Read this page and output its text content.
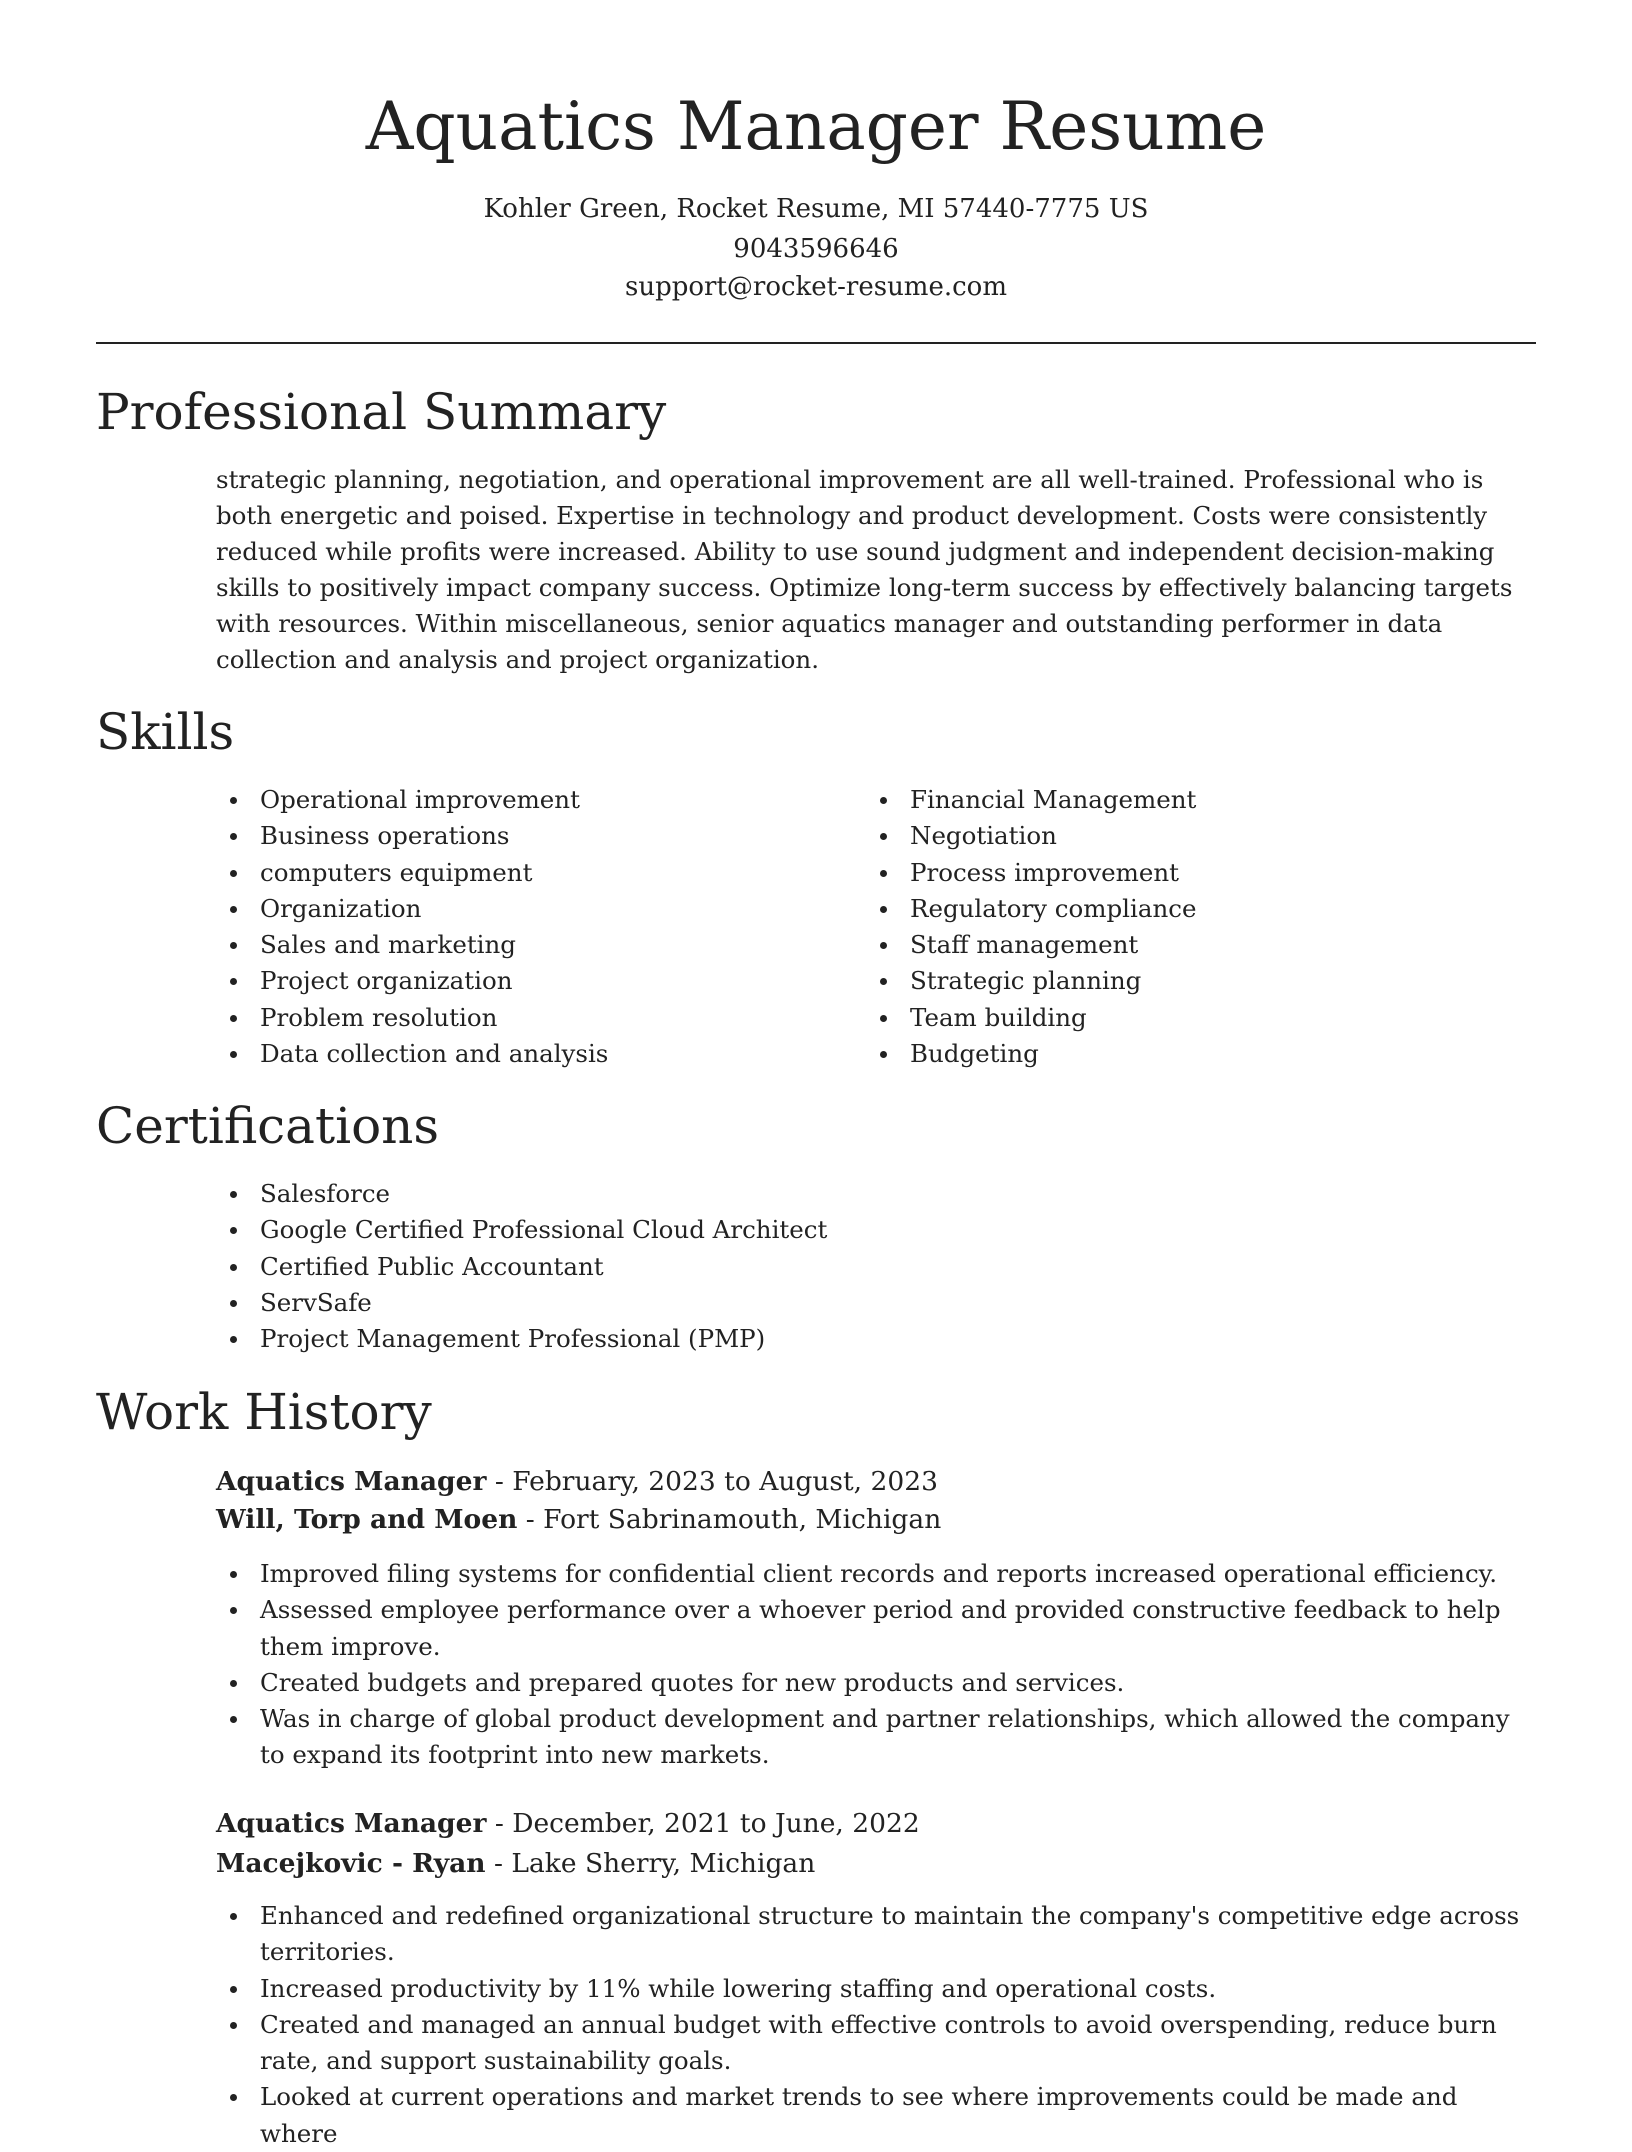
Aquatics Manager Resume
Kohler Green, Rocket Resume, MI 57440-7775 US
9043596646
support@rocket-resume.com
Professional Summary

strategic planning, negotiation, and operational improvement are all well-trained. Professional who is both energetic and poised. Expertise in technology and product development. Costs were consistently reduced while profits were increased. Ability to use sound judgment and independent decision-making skills to positively impact company success. Optimize long-term success by effectively balancing targets with resources. Within miscellaneous, senior aquatics manager and outstanding performer in data collection and analysis and project organization.

Skills
Operational improvement
Business operations
computers equipment
Organization
Sales and marketing
Project organization
Problem resolution
Data collection and analysis
Financial Management
Negotiation
Process improvement
Regulatory compliance
Staff management
Strategic planning
Team building
Budgeting
Certifications
Salesforce
Google Certified Professional Cloud Architect
Certified Public Accountant
ServSafe
Project Management Professional (PMP)
Work History
Aquatics Manager - February, 2023 to August, 2023
Will, Torp and Moen - Fort Sabrinamouth, Michigan
Improved filing systems for confidential client records and reports increased operational efficiency.
Assessed employee performance over a whoever period and provided constructive feedback to help them improve.
Created budgets and prepared quotes for new products and services.
Was in charge of global product development and partner relationships, which allowed the company to expand its footprint into new markets.
Aquatics Manager - December, 2021 to June, 2022
Macejkovic - Ryan - Lake Sherry, Michigan
Enhanced and redefined organizational structure to maintain the company's competitive edge across territories.
Increased productivity by 11% while lowering staffing and operational costs.
Created and managed an annual budget with effective controls to avoid overspending, reduce burn rate, and support sustainability goals.
Looked at current operations and market trends to see where improvements could be made and where
